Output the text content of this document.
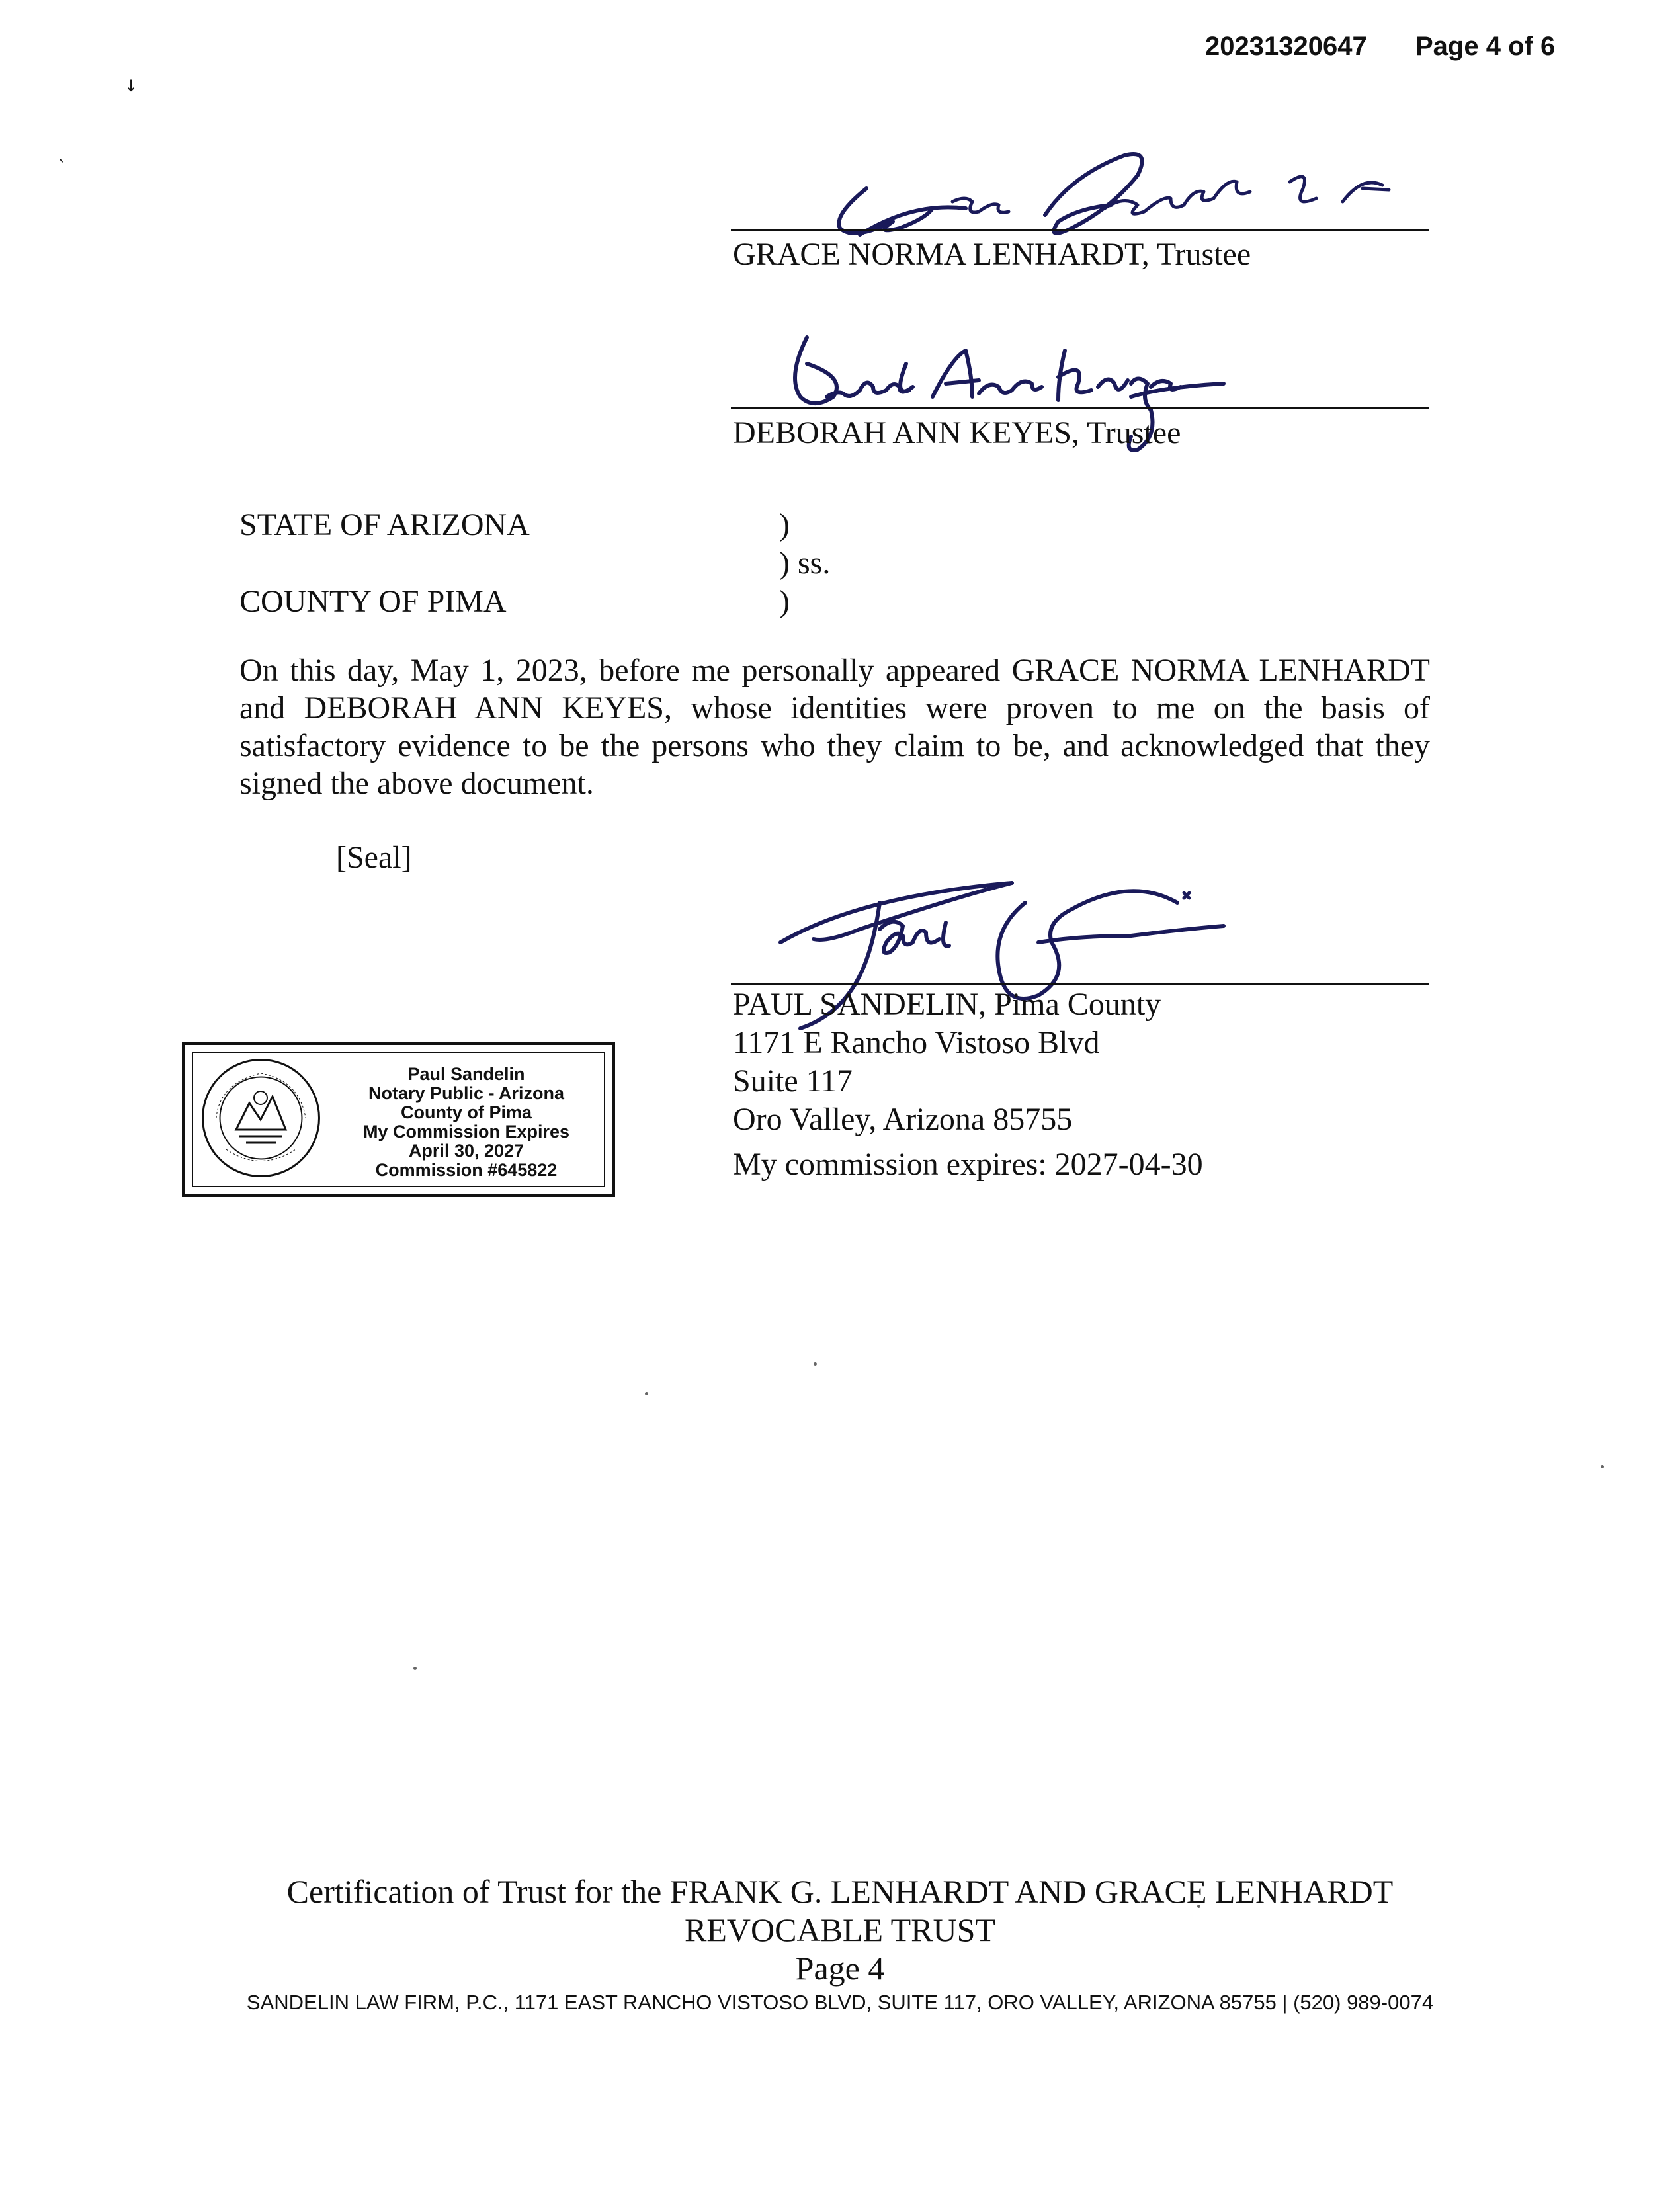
20231320647 Page 4 of 6
↓
ˎ
GRACE NORMA LENHARDT, Trustee
DEBORAH ANN KEYES, Trustee
STATE OF ARIZONA
COUNTY OF PIMA
)
) ss.
)
On this day, May 1, 2023, before me personally appeared GRACE NORMA LENHARDT and DEBORAH ANN KEYES, whose identities were proven to me on the basis of satisfactory evidence to be the persons who they claim to be, and acknowledged that they signed the above document.
[Seal]
PAUL SANDELIN, Pima County
1171 E Rancho Vistoso Blvd
Suite 117
Oro Valley, Arizona 85755
My commission expires: 2027-04-30
Paul Sandelin
Notary Public - Arizona
County of Pima
My Commission Expires
April 30, 2027
Commission #645822
Certification of Trust for the FRANK G. LENHARDT AND GRACE LENHARDT
REVOCABLE TRUST
Page 4
SANDELIN LAW FIRM, P.C., 1171 EAST RANCHO VISTOSO BLVD, SUITE 117, ORO VALLEY, ARIZONA 85755 | (520) 989-0074
